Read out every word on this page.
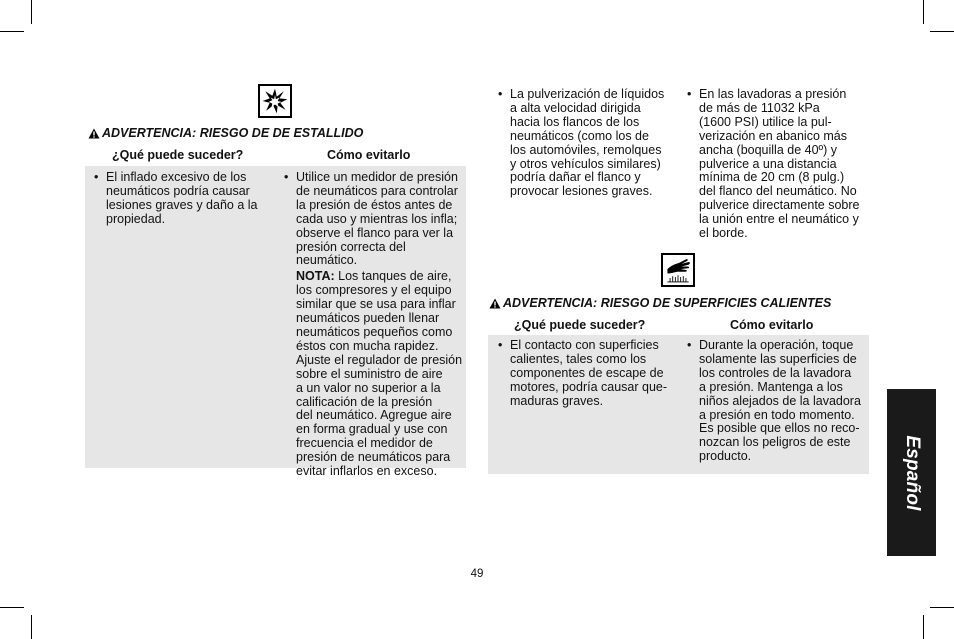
ADVERTENCIA: RIESGO DE DE ESTALLIDO
¿Qué puede suceder?	Cómo evitarlo
• El inflado excesivo de los
neumáticos podría causar
lesiones graves y daño a la
propiedad.
• Utilice un medidor de presión
de neumáticos para controlar
la presión de éstos antes de
cada uso y mientras los infla;
observe el flanco para ver la
presión correcta del neumático.
NOTA: Los tanques de aire,
los compresores y el equipo
similar que se usa para inflar
neumáticos pueden llenar
neumáticos pequeños como
éstos con mucha rapidez.
Ajuste el regulador de presión
sobre el suministro de aire
a un valor no superior a la
calificación de la presión
del neumático. Agregue aire
en forma gradual y use con
frecuencia el medidor de
presión de neumáticos para
evitar inflarlos en exceso.
• La pulverización de líquidos
a alta velocidad dirigida
hacia los flancos de los
neumáticos (como los de
los automóviles, remolques
y otros vehículos similares)
podría dañar el flanco y
provocar lesiones graves.
• En las lavadoras a presión
de más de 11032 kPa
(1600 PSI) utilice la pul-
verización en abanico más
ancha (boquilla de 40º) y
pulverice a una distancia
mínima de 20 cm (8 pulg.)
del flanco del neumático. No
pulverice directamente sobre
la unión entre el neumático y
el borde.
ADVERTENCIA: RIESGO DE SUPERFICIES CALIENTES
¿Qué puede suceder?	Cómo evitarlo
• El contacto con superficies
calientes, tales como los
componentes de escape de
motores, podría causar que-
maduras graves.
• Durante la operación, toque
solamente las superficies de
los controles de la lavadora
a presión. Mantenga a los
niños alejados de la lavadora
a presión en todo momento.
Es posible que ellos no reco-
nozcan los peligros de este
producto.	Español
49
